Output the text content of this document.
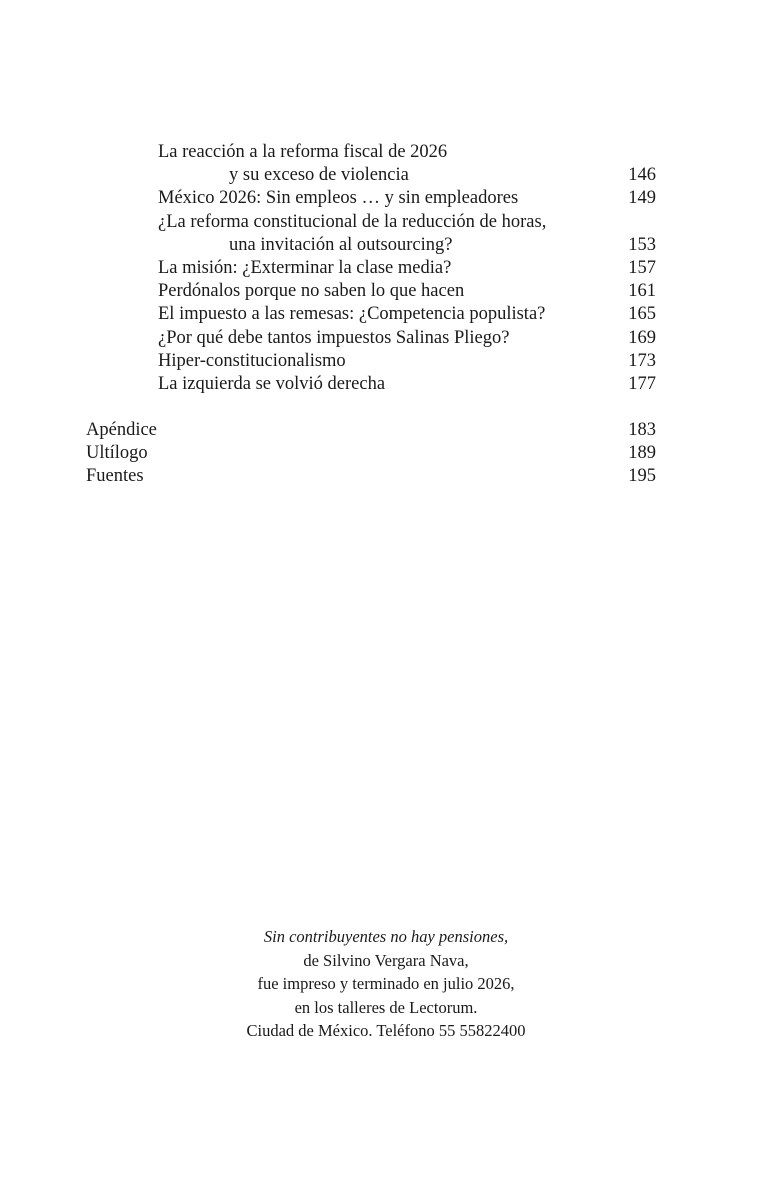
La reacción a la reforma fiscal de 2026
y su exceso de violencia	146
México 2026: Sin empleos … y sin empleadores	149
¿La reforma constitucional de la reducción de horas,
una invitación al outsourcing?	153
La misión: ¿Exterminar la clase media?	157
Perdónalos porque no saben lo que hacen	161
El impuesto a las remesas: ¿Competencia populista?	165
¿Por qué debe tantos impuestos Salinas Pliego?	169
Hiper-constitucionalismo	173
La izquierda se volvió derecha	177
Apéndice	183
Ultílogo	189
Fuentes	195
Sin contribuyentes no hay pensiones,
de Silvino Vergara Nava,
fue impreso y terminado en julio 2026,
en los talleres de Lectorum.
Ciudad de México. Teléfono 55 55822400
